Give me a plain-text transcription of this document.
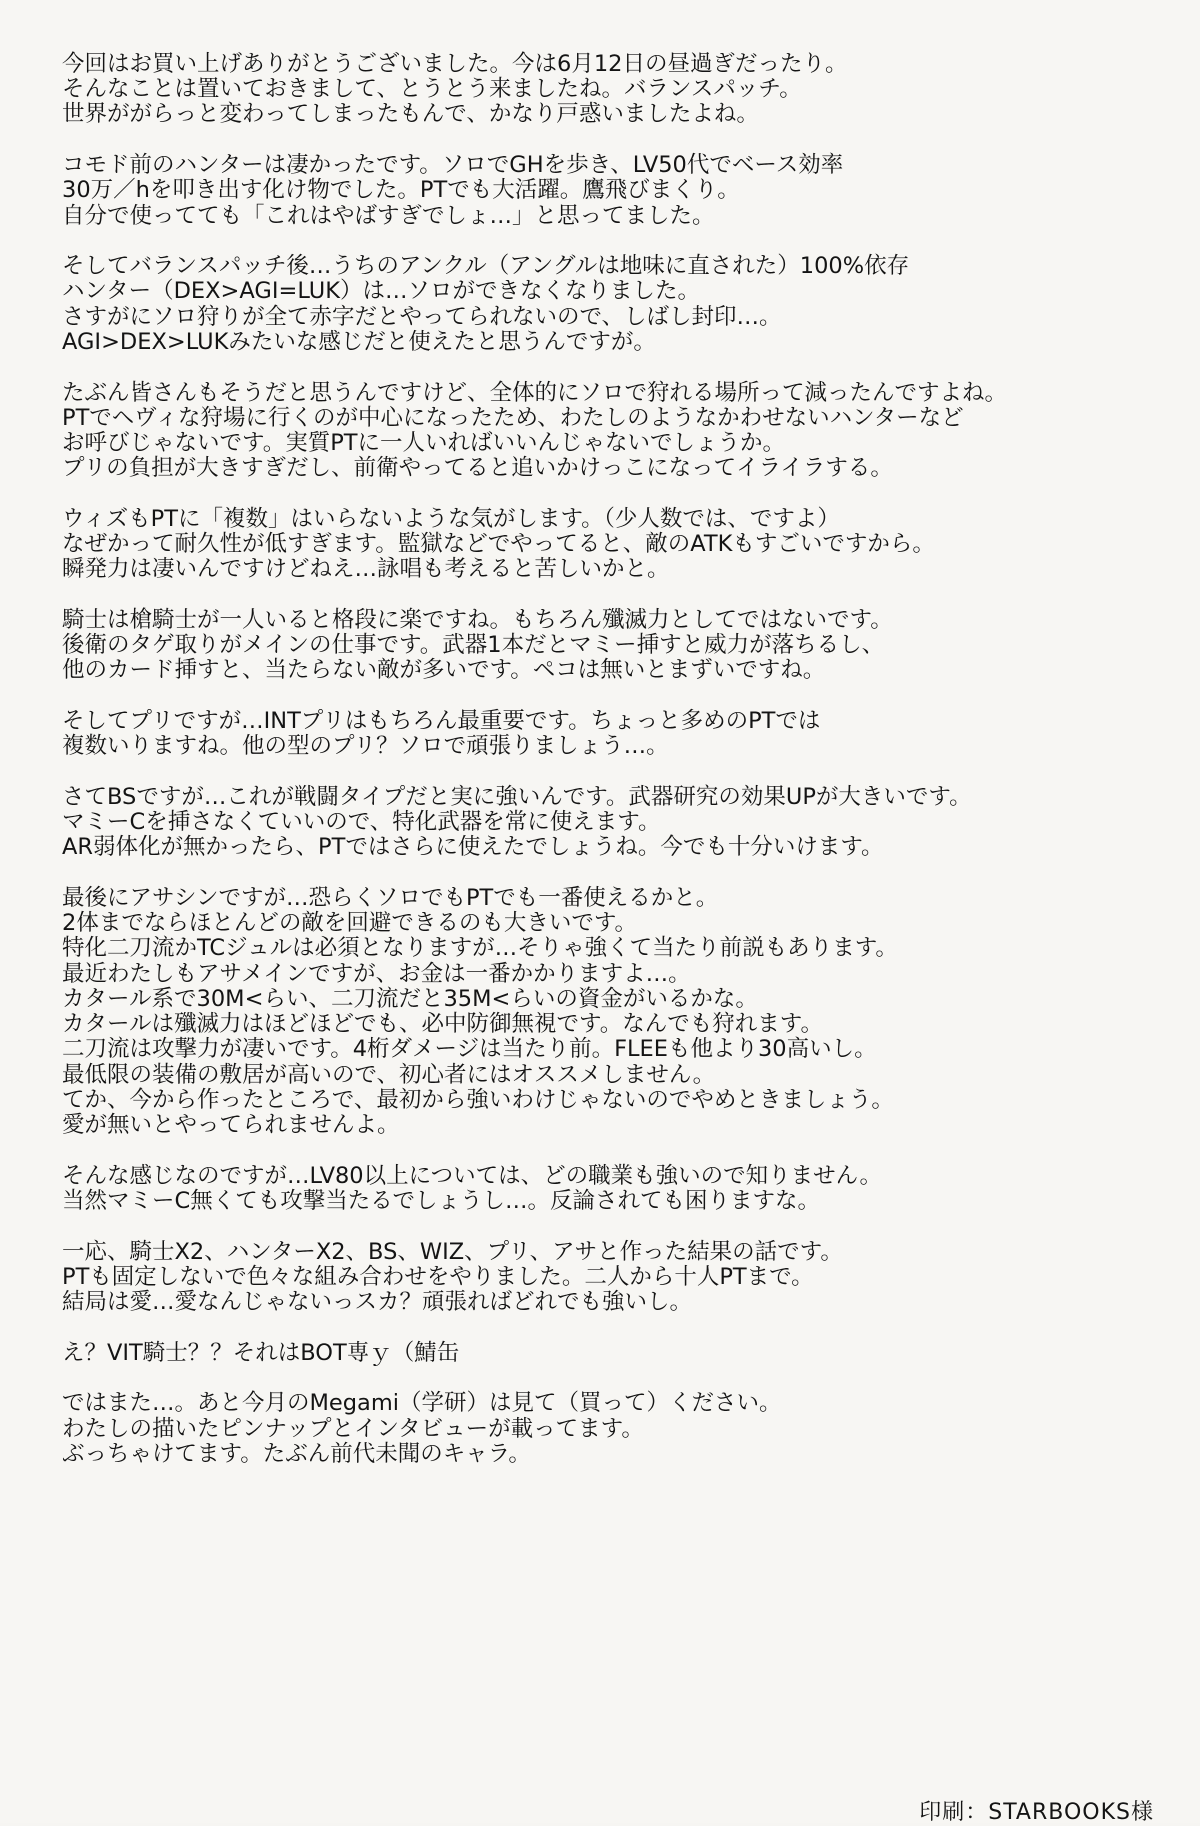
今回はお買い上げありがとうございました。今は6月12日の昼過ぎだったり。
そんなことは置いておきまして、とうとう来ましたね。バランスパッチ。
世界ががらっと変わってしまったもんで、かなり戸惑いましたよね。
コモド前のハンターは凄かったです。ソロでGHを歩き、LV50代でベース効率
30万／hを叩き出す化け物でした。PTでも大活躍。鷹飛びまくり。
自分で使ってても「これはやばすぎでしょ…」と思ってました。
そしてバランスパッチ後…うちのアンクル（アングルは地味に直された）100%依存
ハンター（DEX>AGI=LUK）は…ソロができなくなりました。
さすがにソロ狩りが全て赤字だとやってられないので、しばし封印…。
AGI>DEX>LUKみたいな感じだと使えたと思うんですが。
たぶん皆さんもそうだと思うんですけど、全体的にソロで狩れる場所って減ったんですよね。
PTでヘヴィな狩場に行くのが中心になったため、わたしのようなかわせないハンターなど
お呼びじゃないです。実質PTに一人いればいいんじゃないでしょうか。
プリの負担が大きすぎだし、前衛やってると追いかけっこになってイライラする。
ウィズもPTに「複数」はいらないような気がします。（少人数では、ですよ）
なぜかって耐久性が低すぎます。監獄などでやってると、敵のATKもすごいですから。
瞬発力は凄いんですけどねえ…詠唱も考えると苦しいかと。
騎士は槍騎士が一人いると格段に楽ですね。もちろん殲滅力としてではないです。
後衛のタゲ取りがメインの仕事です。武器1本だとマミー挿すと威力が落ちるし、
他のカード挿すと、当たらない敵が多いです。ペコは無いとまずいですね。
そしてプリですが…INTプリはもちろん最重要です。ちょっと多めのPTでは
複数いりますね。他の型のプリ？ソロで頑張りましょう…。
さてBSですが…これが戦闘タイプだと実に強いんです。武器研究の効果UPが大きいです。
マミーCを挿さなくていいので、特化武器を常に使えます。
AR弱体化が無かったら、PTではさらに使えたでしょうね。今でも十分いけます。
最後にアサシンですが…恐らくソロでもPTでも一番使えるかと。
2体までならほとんどの敵を回避できるのも大きいです。
特化二刀流かTCジュルは必須となりますが…そりゃ強くて当たり前説もあります。
最近わたしもアサメインですが、お金は一番かかりますよ…。
カタール系で30M<らい、二刀流だと35M<らいの資金がいるかな。
カタールは殲滅力はほどほどでも、必中防御無視です。なんでも狩れます。
二刀流は攻撃力が凄いです。4桁ダメージは当たり前。FLEEも他より30高いし。
最低限の装備の敷居が高いので、初心者にはオススメしません。
てか、今から作ったところで、最初から強いわけじゃないのでやめときましょう。
愛が無いとやってられませんよ。
そんな感じなのですが…LV80以上については、どの職業も強いので知りません。
当然マミーC無くても攻撃当たるでしょうし…。反論されても困りますな。
一応、騎士X2、ハンターX2、BS、WIZ、プリ、アサと作った結果の話です。
PTも固定しないで色々な組み合わせをやりました。二人から十人PTまで。
結局は愛…愛なんじゃないっスカ？頑張ればどれでも強いし。
え？VIT騎士？？それはBOT専ｙ（鯖缶
ではまた…。あと今月のMegami（学研）は見て（買って）ください。
わたしの描いたピンナップとインタビューが載ってます。
ぶっちゃけてます。たぶん前代未聞のキャラ。
印刷：STARBOOKS様
